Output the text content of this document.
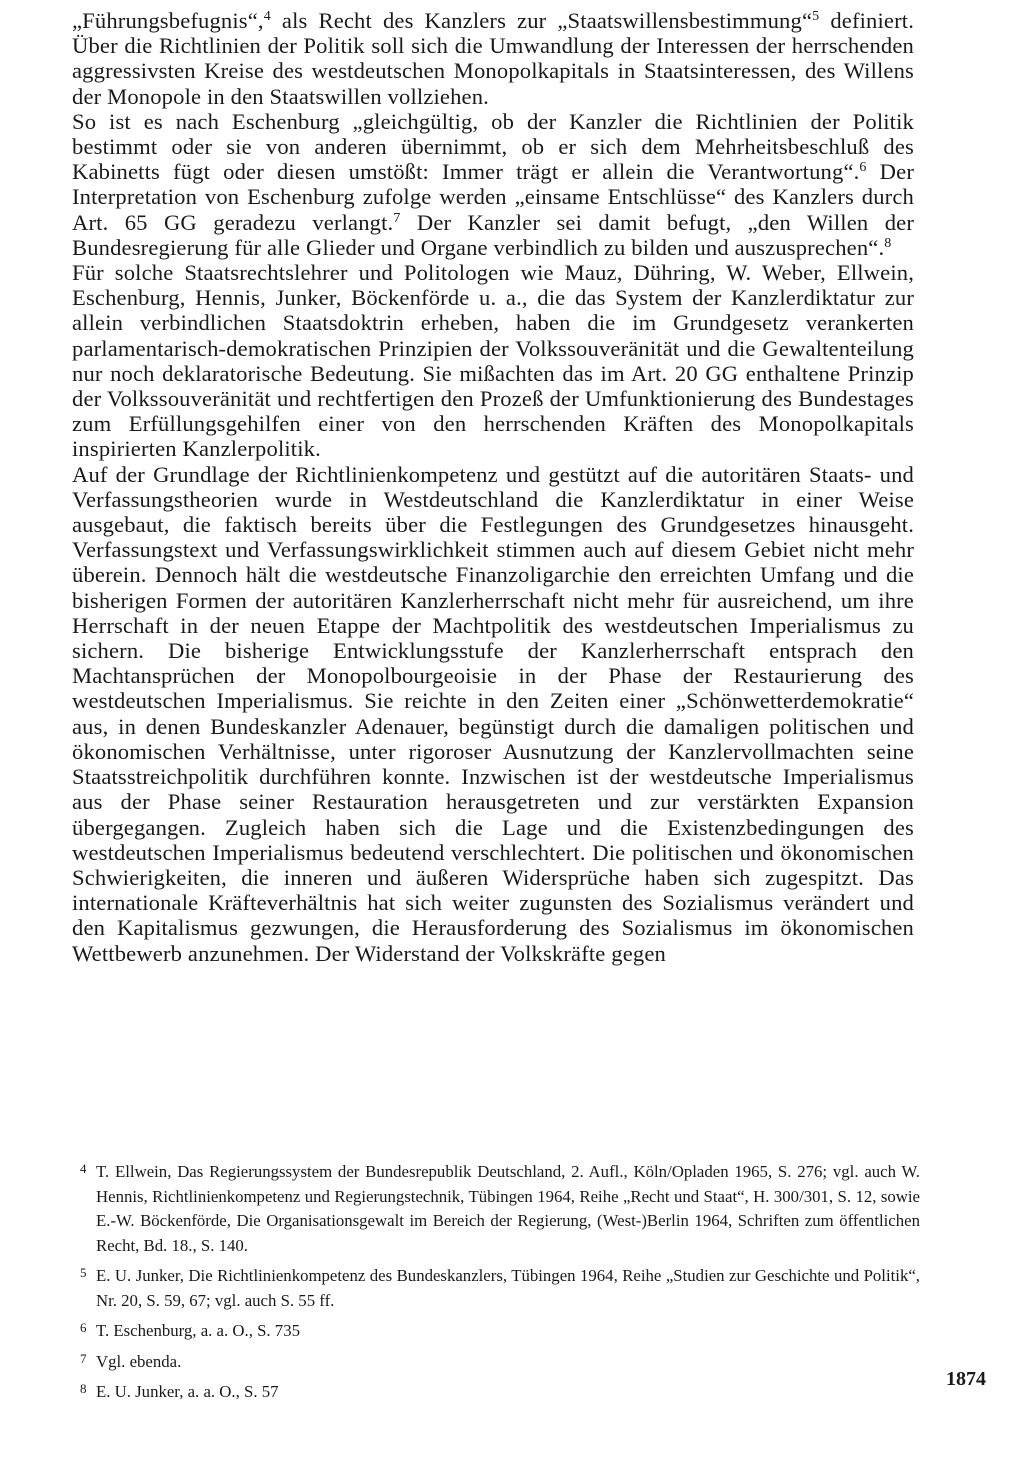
„Führungsbefugnis“,$^4$ als Recht des Kanzlers zur „Staatswillensbestimmung“$^5$ definiert. Über die Richtlinien der Politik soll sich die Umwandlung der Interessen der herrschenden aggressivsten Kreise des westdeutschen Monopolkapitals in Staatsinteressen, des Willens der Monopole in den Staatswillen vollziehen.

So ist es nach Eschenburg „gleichgültig, ob der Kanzler die Richtlinien der Politik bestimmt oder sie von anderen übernimmt, ob er sich dem Mehrheitsbeschluß des Kabinetts fügt oder diesen umstößt: Immer trägt er allein die Verantwortung“.$^6$ Der Interpretation von Eschenburg zufolge werden „einsame Entschlüsse“ des Kanzlers durch Art. 65 GG geradezu verlangt.$^7$ Der Kanzler sei damit befugt, „den Willen der Bundesregierung für alle Glieder und Organe verbindlich zu bilden und auszusprechen“.$^8$

Für solche Staatsrechtslehrer und Politologen wie Mauz, Dühring, W. Weber, Ellwein, Eschenburg, Hennis, Junker, Böckenförde u. a., die das System der Kanzlerdiktatur zur allein verbindlichen Staatsdoktrin erheben, haben die im Grundgesetz verankerten parlamentarisch-demokratischen Prinzipien der Volkssouveränität und die Gewaltenteilung nur noch deklaratorische Bedeutung. Sie mißachten das im Art. 20 GG enthaltene Prinzip der Volkssouveränität und rechtfertigen den Prozeß der Umfunktionierung des Bundestages zum Erfüllungsgehilfen einer von den herrschenden Kräften des Monopolkapitals inspirierten Kanzlerpolitik.

Auf der Grundlage der Richtlinienkompetenz und gestützt auf die autoritären Staats- und Verfassungstheorien wurde in Westdeutschland die Kanzlerdiktatur in einer Weise ausgebaut, die faktisch bereits über die Festlegungen des Grundgesetzes hinausgeht. Verfassungstext und Verfassungswirklichkeit stimmen auch auf diesem Gebiet nicht mehr überein. Dennoch hält die westdeutsche Finanzoligarchie den erreichten Umfang und die bisherigen Formen der autoritären Kanzlerherrschaft nicht mehr für ausreichend, um ihre Herrschaft in der neuen Etappe der Machtpolitik des westdeutschen Imperialismus zu sichern. Die bisherige Entwicklungsstufe der Kanzlerherrschaft entsprach den Machtansprüchen der Monopolbourgeoisie in der Phase der Restaurierung des westdeutschen Imperialismus. Sie reichte in den Zeiten einer „Schönwetterdemokratie“ aus, in denen Bundeskanzler Adenauer, begünstigt durch die damaligen politischen und ökonomischen Verhältnisse, unter rigoroser Ausnutzung der Kanzlervollmachten seine Staatsstreichpolitik durchführen konnte. Inzwischen ist der westdeutsche Imperialismus aus der Phase seiner Restauration herausgetreten und zur verstärkten Expansion übergegangen. Zugleich haben sich die Lage und die Existenzbedingungen des westdeutschen Imperialismus bedeutend verschlechtert. Die politischen und ökonomischen Schwierigkeiten, die inneren und äußeren Widersprüche haben sich zugespitzt. Das internationale Kräfteverhältnis hat sich weiter zugunsten des Sozialismus verändert und den Kapitalismus gezwungen, die Herausforderung des Sozialismus im ökonomischen Wettbewerb anzunehmen. Der Widerstand der Volkskräfte gegen

4 T. Ellwein, Das Regierungssystem der Bundesrepublik Deutschland, 2. Aufl., Köln/Opladen 1965, S. 276; vgl. auch W. Hennis, Richtlinienkompetenz und Regierungstechnik, Tübingen 1964, Reihe „Recht und Staat“, H. 300/301, S. 12, sowie E.-W. Böckenförde, Die Organisationsgewalt im Bereich der Regierung, (West-)Berlin 1964, Schriften zum öffentlichen Recht, Bd. 18., S. 140.
5 E. U. Junker, Die Richtlinienkompetenz des Bundeskanzlers, Tübingen 1964, Reihe „Studien zur Geschichte und Politik“, Nr. 20, S. 59, 67; vgl. auch S. 55 ff.
6 T. Eschenburg, a. a. O., S. 735
7 Vgl. ebenda.
8 E. U. Junker, a. a. O., S. 57
1874
